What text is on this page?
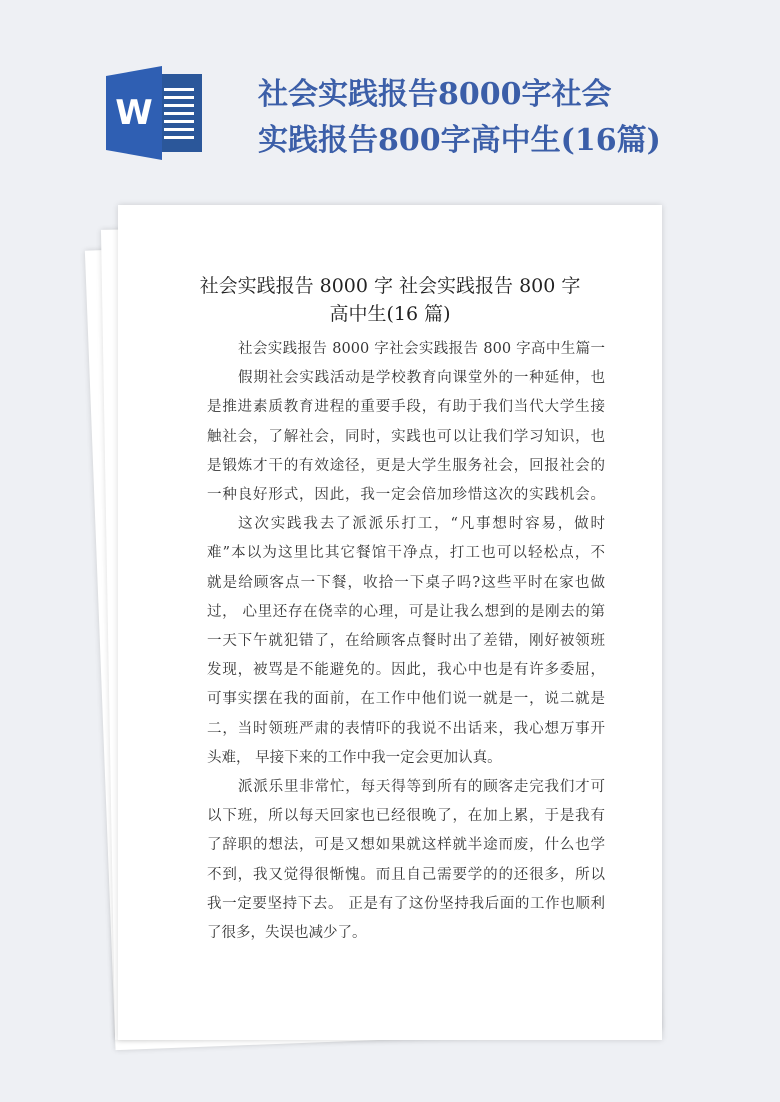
W	社会实践报告8000字社会
实践报告800字高中生(16篇)
社会实践报告 8000 字 社会实践报告 800 字
高中生(16 篇)
社会实践报告 8000 字社会实践报告 800 字高中生篇一
假期社会实践活动是学校教育向课堂外的一种延伸，也
是推进素质教育进程的重要手段，有助于我们当代大学生接
触社会，了解社会，同时，实践也可以让我们学习知识，也
是锻炼才干的有效途径，更是大学生服务社会，回报社会的
一种良好形式，因此，我一定会倍加珍惜这次的实践机会。
这次实践我去了派派乐打工，“凡事想时容易，做时
难”本以为这里比其它餐馆干净点，打工也可以轻松点，不
就是给顾客点一下餐，收拾一下桌子吗?这些平时在家也做
过， 心里还存在侥幸的心理，可是让我么想到的是刚去的第
一天下午就犯错了，在给顾客点餐时出了差错，刚好被领班
发现，被骂是不能避免的。因此，我心中也是有许多委屈，
可事实摆在我的面前，在工作中他们说一就是一，说二就是
二，当时领班严肃的表情吓的我说不出话来，我心想万事开
头难， 早接下来的工作中我一定会更加认真。
派派乐里非常忙，每天得等到所有的顾客走完我们才可
以下班，所以每天回家也已经很晚了，在加上累，于是我有
了辞职的想法，可是又想如果就这样就半途而废，什么也学
不到，我又觉得很惭愧。而且自己需要学的的还很多，所以
我一定要坚持下去。 正是有了这份坚持我后面的工作也顺利
了很多，失误也减少了。
